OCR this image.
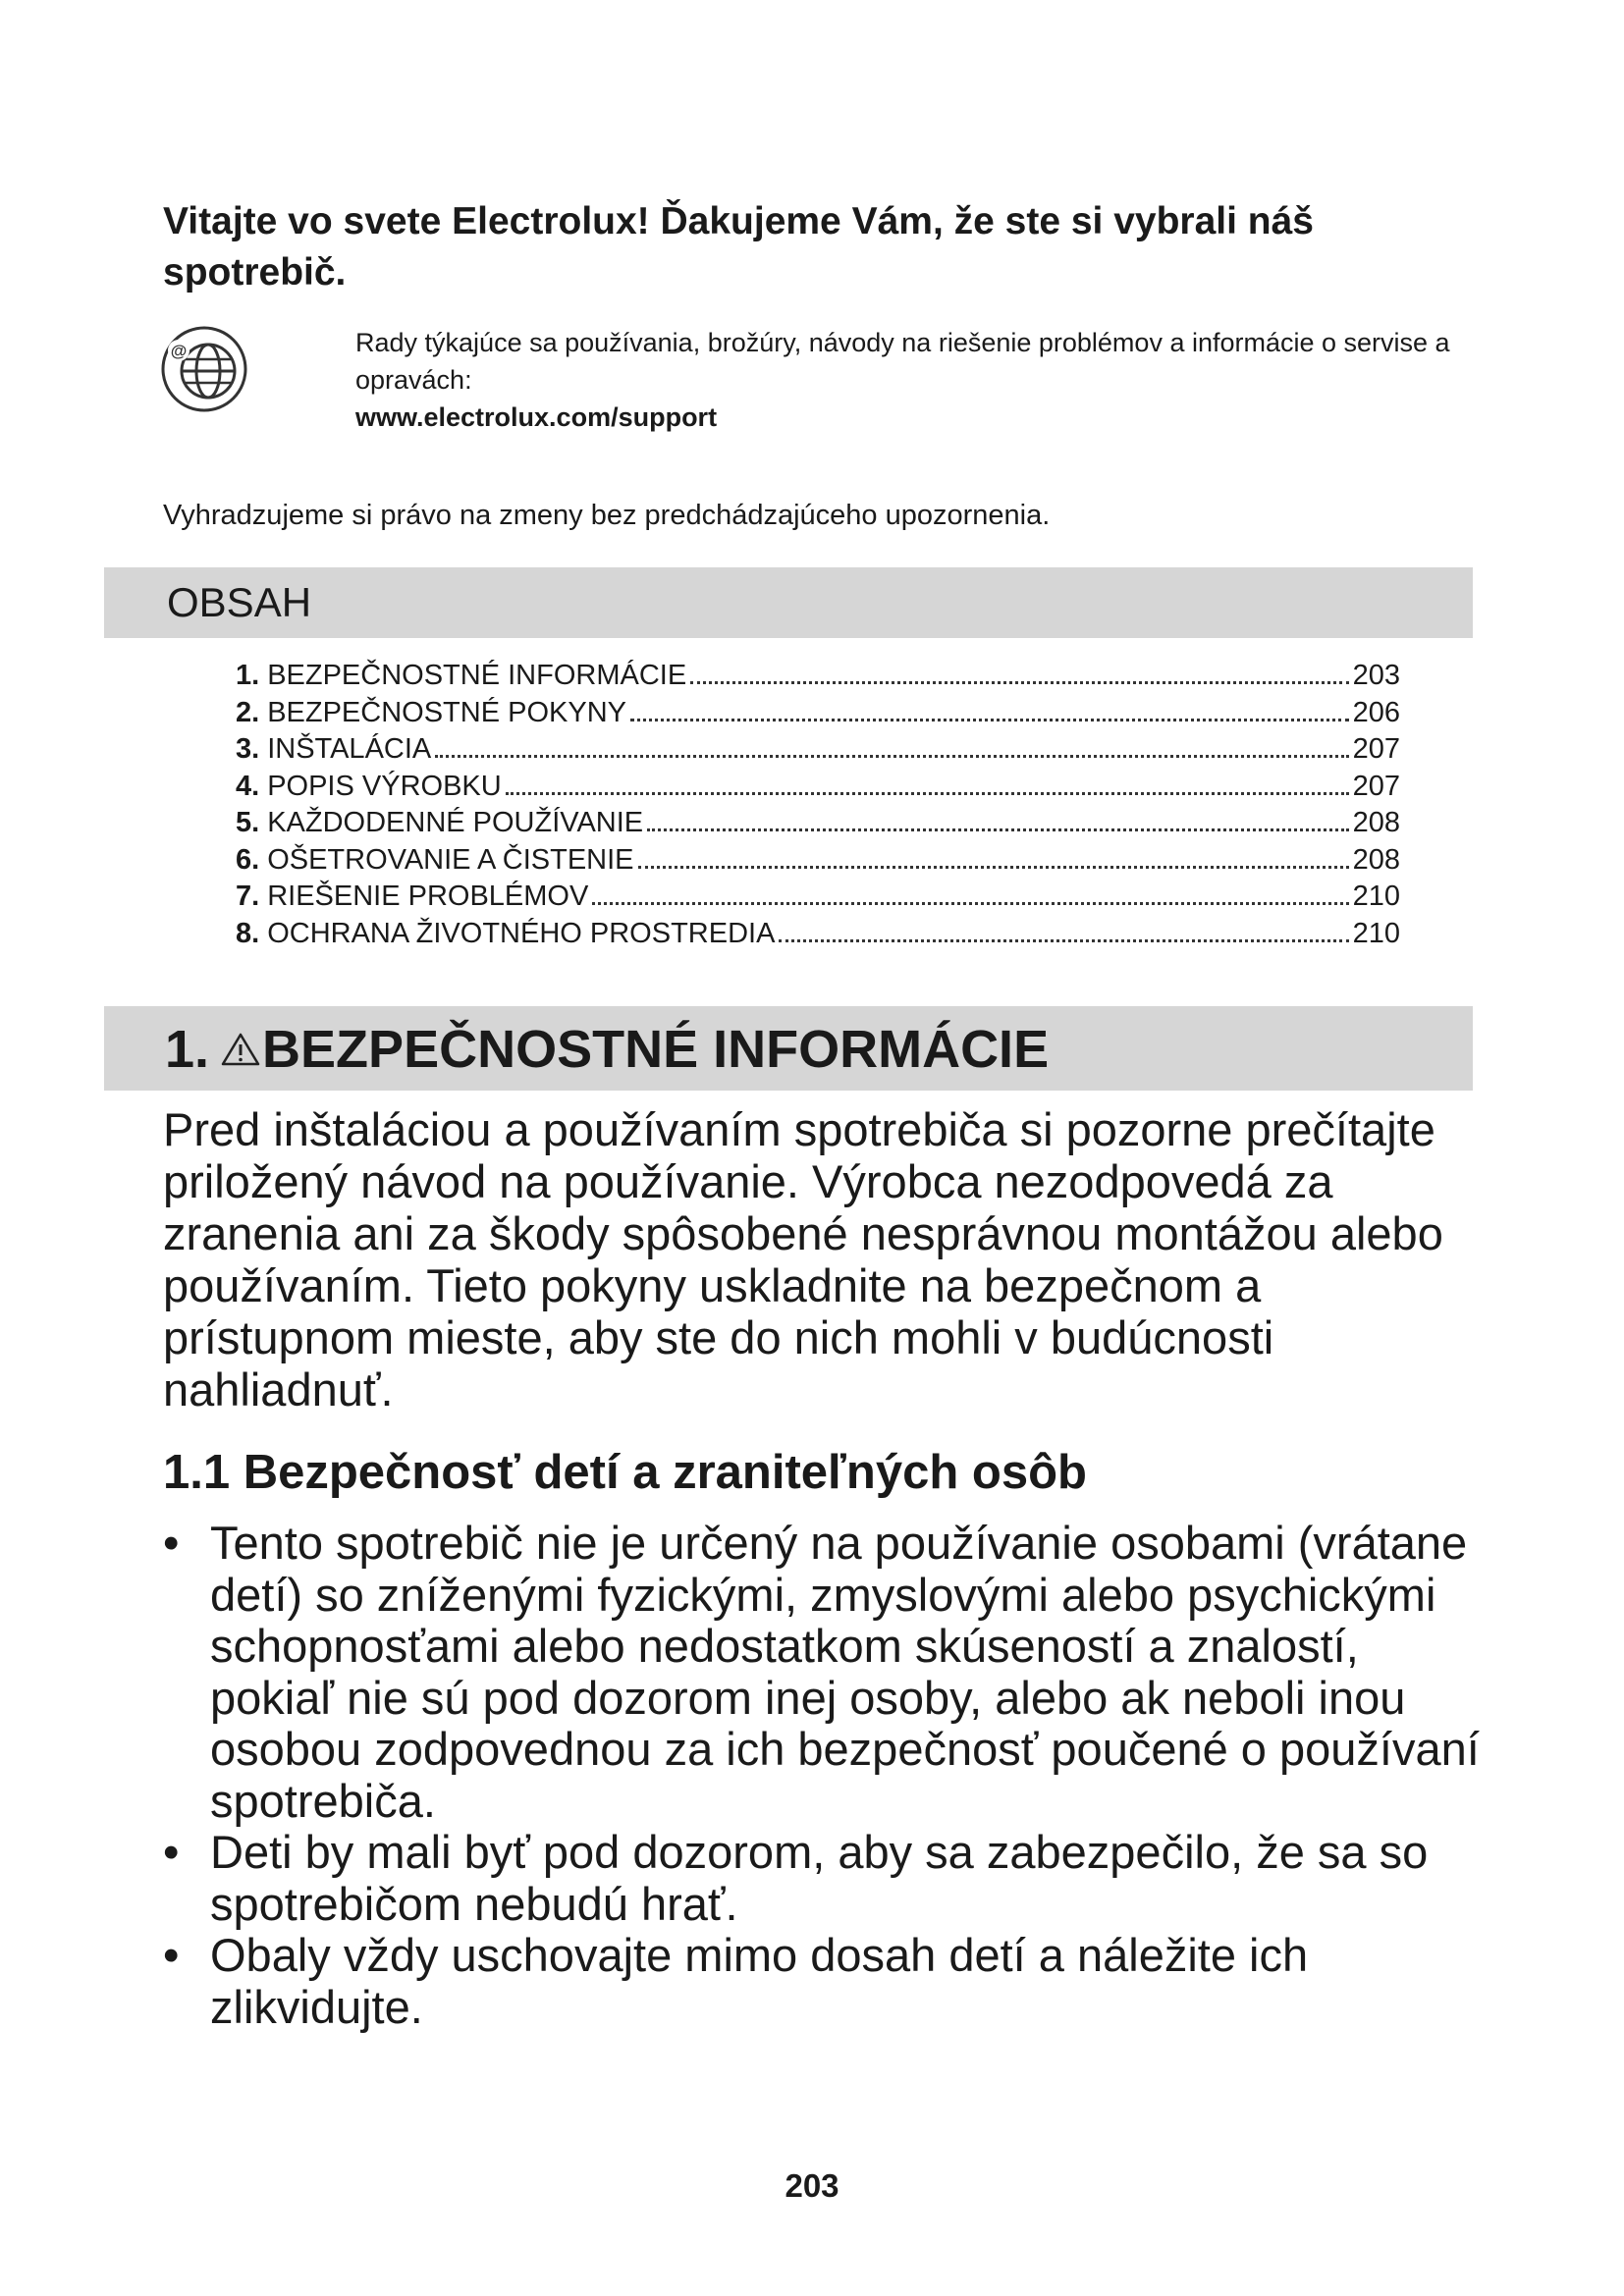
Vitajte vo svete Electrolux! Ďakujeme Vám, že ste si vybrali náš spotrebič.
@	Rady týkajúce sa používania, brožúry, návody na riešenie problémov a informácie o servise a opravách:
www.electrolux.com/support
Vyhradzujeme si právo na zmeny bez predchádzajúceho upozornenia.
OBSAH
1. BEZPEČNOSTNÉ INFORMÁCIE	203
2. BEZPEČNOSTNÉ POKYNY	206
3. INŠTALÁCIA	207
4. POPIS VÝROBKU	207
5. KAŽDODENNÉ POUŽÍVANIE	208
6. OŠETROVANIE A ČISTENIE	208
7. RIEŠENIE PROBLÉMOV	210
8. OCHRANA ŽIVOTNÉHO PROSTREDIA	210
1. BEZPEČNOSTNÉ INFORMÁCIE

Pred inštaláciou a používaním spotrebiča si pozorne prečítajte priložený návod na používanie. Výrobca nezodpovedá za zranenia ani za škody spôsobené nesprávnou montážou alebo používaním. Tieto pokyny uskladnite na bezpečnom a prístupnom mieste, aby ste do nich mohli v budúcnosti nahliadnuť.

1.1 Bezpečnosť detí a zraniteľných osôb
• Tento spotrebič nie je určený na používanie osobami (vrátane detí) so zníženými fyzickými, zmyslovými alebo psychickými schopnosťami alebo nedostatkom skúseností a znalostí, pokiaľ nie sú pod dozorom inej osoby, alebo ak neboli inou osobou zodpovednou za ich bezpečnosť poučené o používaní spotrebiča.
• Deti by mali byť pod dozorom, aby sa zabezpečilo, že sa so spotrebičom nebudú hrať.
• Obaly vždy uschovajte mimo dosah detí a náležite ich zlikvidujte.
203
